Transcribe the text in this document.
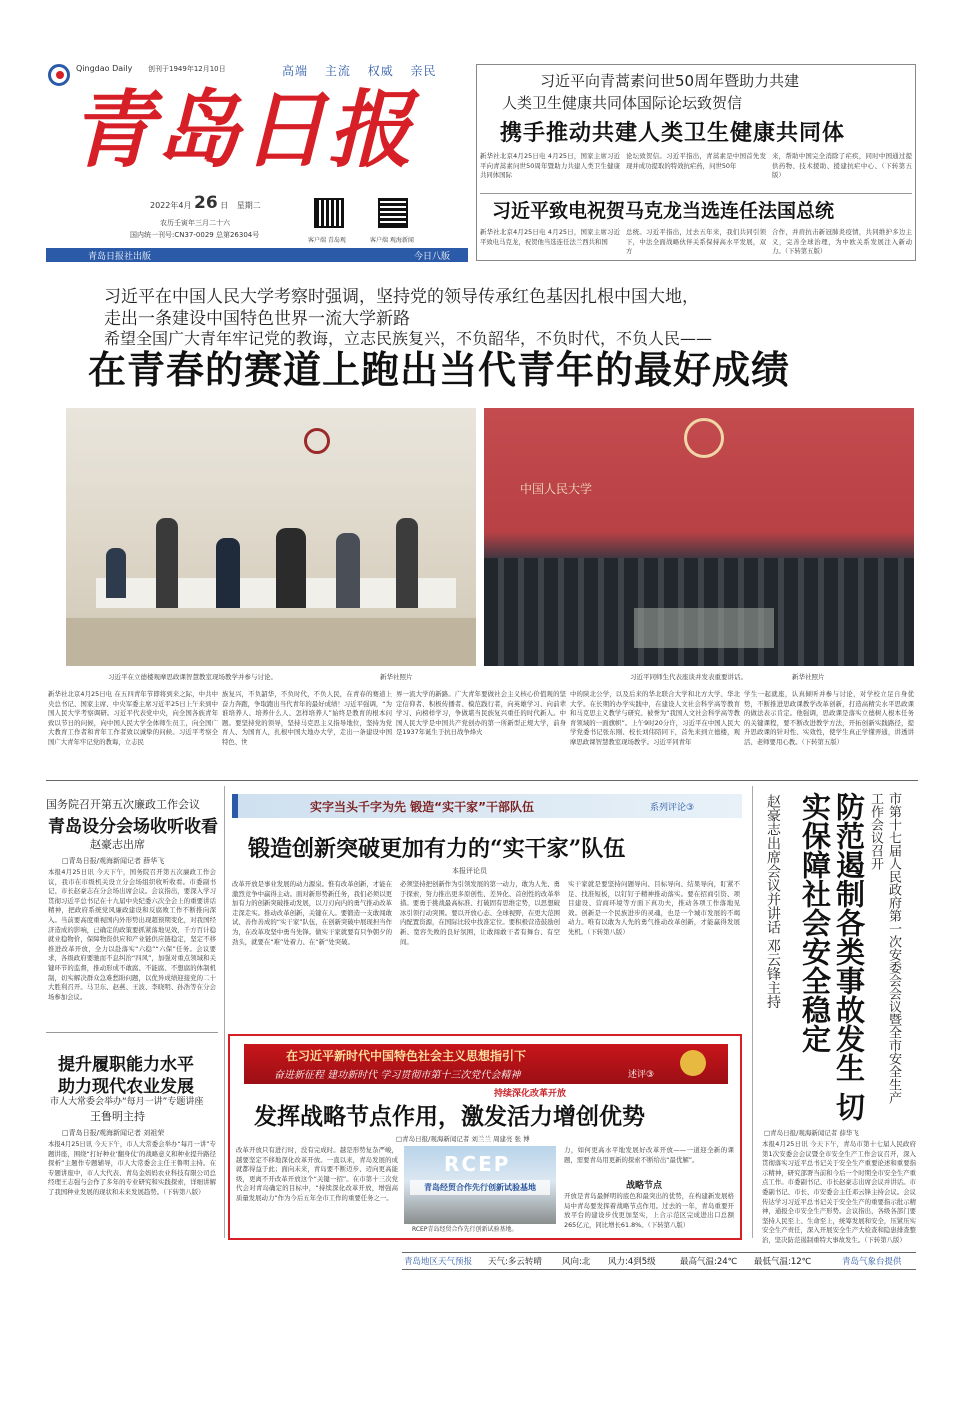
Qingdao Daily 创刊于1949年12月10日	高端 主流 权威 亲民
青岛日报
2022年4月 26 日 星期二
农历壬寅年三月二十六
国内统一刊号:CN37-0029 总第26304号
客户端 青岛观	客户端 观海新闻
青岛日报社出版	今日八版
习近平向青蒿素问世50周年暨助力共建
人类卫生健康共同体国际论坛致贺信
携手推动共建人类卫生健康共同体
新华社北京4月25日电 4月25日，国家主席习近平向青蒿素问世50周年暨助力共建人类卫生健康共同体国际
论坛致贺信。习近平指出，青蒿素是中国首先发现并成功提取的特效抗疟药，问世50年
来，帮助中国完全消除了疟疾，同时中国通过提供药物、技术援助、援建抗疟中心、（下转第五版）
习近平致电祝贺马克龙当选连任法国总统
新华社北京4月25日电 4月25日，国家主席习近平致电马克龙，祝贺他当选连任法兰西共和国
总统。习近平指出，过去五年来，我们共同引领下，中法全面战略伙伴关系保持高水平发展，双方
合作，并肩抗击新冠肺炎疫情，共同维护多边主义，完善全球治理，为中欧关系发展注入新动力。（下转第五版）
习近平在中国人民大学考察时强调，坚持党的领导传承红色基因扎根中国大地，
走出一条建设中国特色世界一流大学新路
希望全国广大青年牢记党的教诲，立志民族复兴，不负韶华，不负时代，不负人民——
在青春的赛道上跑出当代青年的最好成绩
习近平在立德楼观摩思政课智慧教室现场教学并参与讨论。	新华社照片
中国人民大学
习近平同师生代表座谈并发表重要讲话。	新华社照片
新华社北京4月25日电 在五四青年节即将到来之际，中共中央总书记、国家主席、中央军委主席习近平25日上午来到中国人民大学考察调研。习近平代表党中央，向全国各族青年致以节日的问候，向中国人民大学全体师生员工，向全国广大教育工作者和青年工作者致以诚挚的问候。习近平考察全国广大青年牢记党的教诲，立志民
族复兴，不负韶华，不负时代，不负人民，在青春的赛道上奋力奔跑，争取跑出当代青年的最好成绩！习近平强调，“为谁培养人、培养什么人、怎样培养人”始终是教育的根本问题。要坚持党的领导，坚持马克思主义指导地位，坚持为党育人、为国育人，扎根中国大地办大学，走出一条建设中国特色、世
界一流大学的新路。广大青年要做社会主义核心价值观的坚定信仰者、积极传播者、模范践行者，向英雄学习、向前辈学习、向榜样学习，争做堪当民族复兴重任的时代新人。中国人民大学是中国共产党创办的第一所新型正规大学，前身是1937年诞生于抗日战争烽火
中的陕北公学，以及后来的华北联合大学和北方大学、华北大学。在长期的办学实践中，在建设人文社会科学高等教育和马克思主义教学与研究、被誉为“我国人文社会科学高等教育领域的一面旗帜”。上午9时20分许，习近平在中国人民大学党委书记张东刚、校长刘伟陪同下，首先来到立德楼，观摩思政课智慧教室现场教学。习近平同青年
学生一起就座，认真倾听并参与讨论，对学校立足自身优势，不断推进思政课教学改革创新，打造高精尖水平思政课的做法表示肯定。他强调，思政课是落实立德树人根本任务的关键课程，要不断改进教学方法，开拓创新实践路径，提升思政课的针对性、实效性，使学生真正学懂弄通，讲透讲活、老师要用心教。（下转第五版）
国务院召开第五次廉政工作会议
青岛设分会场收听收看
赵豪志出席
□青岛日报/观海新闻记者 薛华飞
本报4月25日讯 今天下午，国务院召开第五次廉政工作会议，我市在市级机关设立分会场组织收听收看。市委副书记、市长赵豪志在分会场出席会议。会议指出，要深入学习贯彻习近平总书记在十九届中央纪委六次全会上的重要讲话精神，把政府系统党风廉政建设和反腐败工作不断推向深入。当前要高度重视国内外形势出现超预期变化，对我国经济造成的影响，已确定的政策要抓紧落地见效，千方百计稳就业稳物价，保障物资供应和产业链供应链稳定，坚定不移推进改革开放，全力以赴落实“六稳”“六保”任务。会议要求，各级政府要驰而不息纠治“四风”，加强对重点领域和关键环节的监督，推动形成不敢腐、不能腐、不想腐的体制机制，切实解决群众急难愁盼问题，以优异成绩迎接党的二十大胜利召开。马卫东、赵燕、王波、李晓明、孙浩等在分会场参加会议。
提升履职能力水平
助力现代农业发展
市人大常委会举办“每月一讲”专题讲座
王鲁明主持
□青岛日报/观海新闻记者 刘祖荣
本报4月25日讯 今天下午，市人大常委会举办“每月一讲”专题讲座，围绕“打好种业‘翻身仗’的战略意义和种业提升路径探析”主题作专题辅导，市人大常委会主任王鲁明主持。在专题讲座中，市人大代表、青岛金妈妈农业科技有限公司总经理王志强与会作了多年的专业研究和实践探索，详细讲解了我国种业发展的现状和未来发展趋势。（下转第八版）
实字当头千字为先 锻造“实干家”干部队伍	系列评论③
锻造创新突破更加有力的“实干家”队伍
本报评论员
改革开放是事业发展的动力源泉。惟有改革创新，才能在激烈竞争中赢得主动。面对新形势新任务，我们必须以更加有力的创新突破推动发展，以刀刃向内的勇气推动改革走深走实。推动改革创新，关键在人。要锻造一支敢闯敢试、善作善成的“实干家”队伍，在创新突破中展现担当作为，在改革攻坚中勇当先锋。做实干家就要有只争朝夕的劲头，就要在“难”处着力、在“新”处突破。
必须坚持把创新作为引领发展的第一动力，敢为人先、勇于探索，努力推出更多原创性、差异化、首创性的改革举措。要勇于挑战最高标准、打破固有思维定势，以思想破冰引领行动突围。要以开放心态、全球视野，在更大范围内配置资源，在国际比较中找准定位。要积极营造鼓励创新、宽容失败的良好氛围，让敢闯敢干者有舞台、有空间。
实干家就是要坚持问题导向、目标导向、结果导向，盯紧不足、找准短板，以钉钉子精神推动落实。要在招商引资、项目建设、营商环境等方面下真功夫，推动各项工作落地见效。创新是一个民族进步的灵魂，也是一个城市发展的不竭动力。唯有以敢为人先的勇气推动改革创新，才能赢得发展先机。（下转第八版）
在习近平新时代中国特色社会主义思想指引下
奋进新征程 建功新时代 学习贯彻市第十三次党代会精神	述评③
持续深化改革开放
发挥战略节点作用，激发活力增创优势
□青岛日报/观海新闻记者 刘兰兰 周建亮 张 博
改革开放只有进行时，没有完成时。越是形势复杂严峻，越要坚定不移地深化改革开放。一直以来，青岛发展的成就都得益于此；面向未来，青岛要不断迈步、迈向更高能级，更离不开改革开放这个“关键一招”。在市第十三次党代会对青岛确定的目标中，“持续深化改革开放，增强高质量发展动力”作为今后五年全市工作的重要任务之一。
RCEP
青岛经贸合作先行创新试验基地
RCEP青岛经贸合作先行创新试验基地。
力，如何更高水平地发展好改革开放——一道迎全新的课题，需要青岛用更新的探索不断给出“最优解”。
战略节点
开放是青岛最鲜明的底色和最突出的优势，在构建新发展格局中青岛要发挥着战略节点作用。过去的一年，青岛重要开放平台的建设步伐更加坚实，上合示范区完成进出口总额265亿元，同比增长61.8%。（下转第八版）
市第十七届人民政府第一次安委会会议暨全市安全生产工作会议召开
防范遏制各类事故发生 切实保障社会安全稳定
赵豪志出席会议并讲话 邓云锋主持
□青岛日报/观海新闻记者 薛华飞
本报4月25日讯 今天下午，青岛市第十七届人民政府第1次安委会会议暨全市安全生产工作会议召开，深入贯彻落实习近平总书记关于安全生产重要论述和重要指示精神，研究部署当前和今后一个时期全市安全生产重点工作。市委副书记、市长赵豪志出席会议并讲话。市委副书记、市长、市安委会主任邓云锋主持会议。会议传达学习习近平总书记关于安全生产的重要指示批示精神，通报全市安全生产形势。会议指出，各级各部门要坚持人民至上、生命至上，统筹发展和安全，压紧压实安全生产责任，深入开展安全生产大检查和隐患排查整治，坚决防范遏制重特大事故发生。（下转第八版）
青岛地区天气预报 天气:多云转晴 风向:北 风力:4到5级	最高气温:24℃ 最低气温:12℃	青岛气象台提供
